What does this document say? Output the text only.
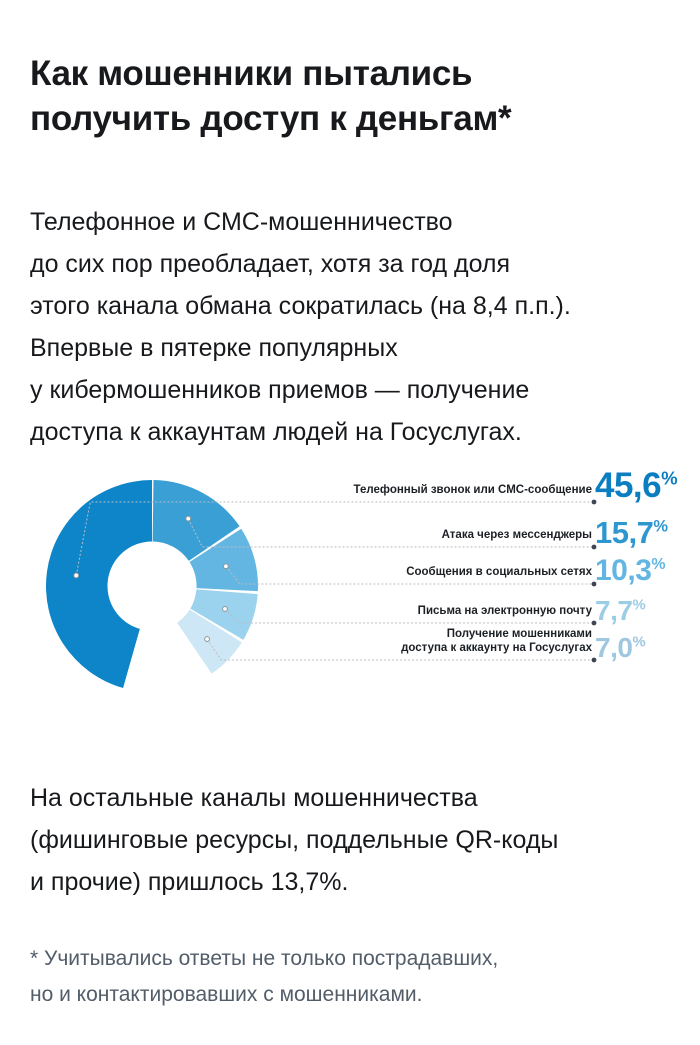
Как мошенники пытались
получить доступ к деньгам*

Телефонное и СМС-мошенничество
до сих пор преобладает, хотя за год доля
этого канала обмана сократилась (на 8,4 п.п.).
Впервые в пятерке популярных
у кибермошенников приемов — получение
доступа к аккаунтам людей на Госуслугах.

Телефонный звонок или СМС-сообщение 45,6%
Атака через мессенджеры 15,7%
Сообщения в социальных сетях 10,3%
Письма на электронную почту 7,7%
Получение мошенниками
доступа к аккаунту на Госуслугах 7,0%

На остальные каналы мошенничества
(фишинговые ресурсы, поддельные QR-коды
и прочие) пришлось 13,7%.

* Учитывались ответы не только пострадавших,
но и контактировавших с мошенниками.
